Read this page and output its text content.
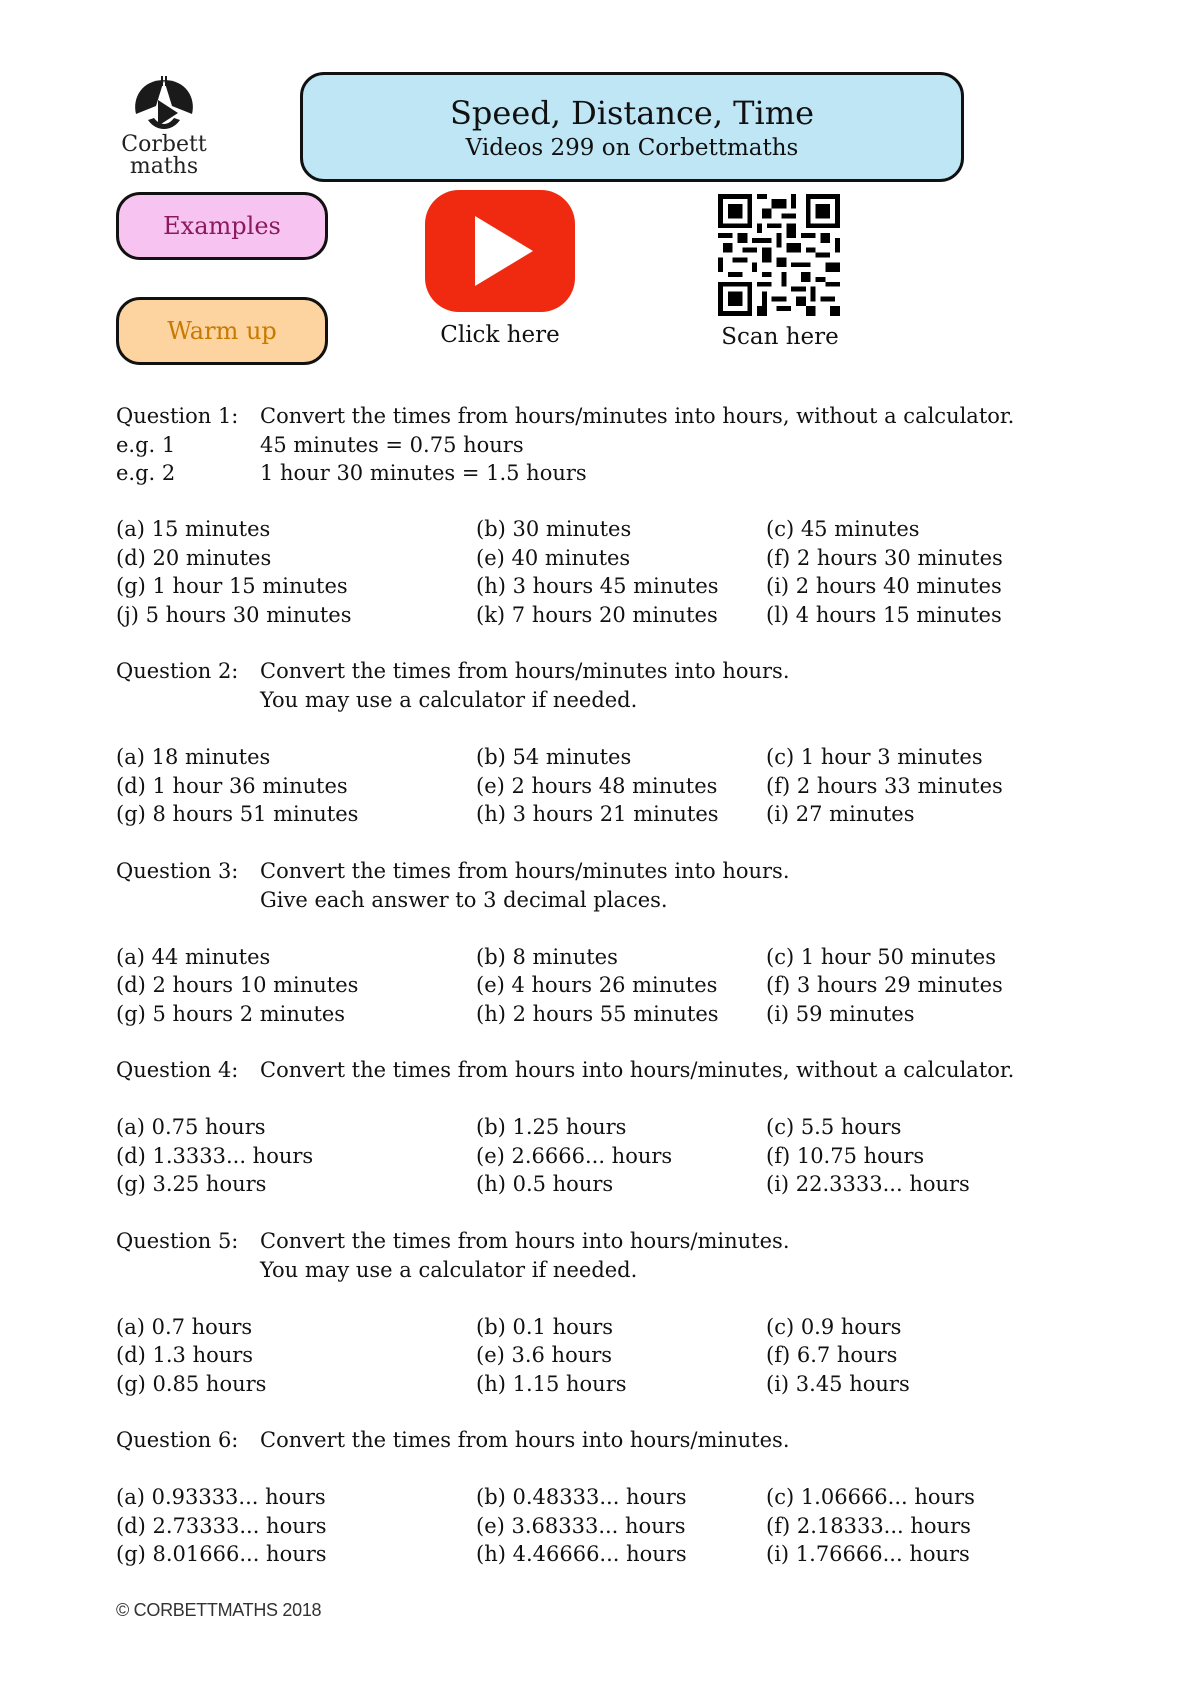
Corbett
maths
Speed, Distance, Time
Videos 299 on Corbettmaths
Examples
Warm up	Click here	Scan here
Question 1:	Convert the times from hours/minutes into hours, without a calculator.
e.g. 1	45 minutes = 0.75 hours
e.g. 2	1 hour 30 minutes = 1.5 hours
(a) 15 minutes	(b) 30 minutes	(c) 45 minutes
(d) 20 minutes	(e) 40 minutes	(f) 2 hours 30 minutes
(g) 1 hour 15 minutes	(h) 3 hours 45 minutes	(i) 2 hours 40 minutes
(j) 5 hours 30 minutes	(k) 7 hours 20 minutes	(l) 4 hours 15 minutes
Question 2:	Convert the times from hours/minutes into hours.
You may use a calculator if needed.
(a) 18 minutes	(b) 54 minutes	(c) 1 hour 3 minutes
(d) 1 hour 36 minutes	(e) 2 hours 48 minutes	(f) 2 hours 33 minutes
(g) 8 hours 51 minutes	(h) 3 hours 21 minutes	(i) 27 minutes
Question 3:	Convert the times from hours/minutes into hours.
Give each answer to 3 decimal places.
(a) 44 minutes	(b) 8 minutes	(c) 1 hour 50 minutes
(d) 2 hours 10 minutes	(e) 4 hours 26 minutes	(f) 3 hours 29 minutes
(g) 5 hours 2 minutes	(h) 2 hours 55 minutes	(i) 59 minutes
Question 4:	Convert the times from hours into hours/minutes, without a calculator.
(a) 0.75 hours	(b) 1.25 hours	(c) 5.5 hours
(d) 1.3333... hours	(e) 2.6666... hours	(f) 10.75 hours
(g) 3.25 hours	(h) 0.5 hours	(i) 22.3333... hours
Question 5:	Convert the times from hours into hours/minutes.
You may use a calculator if needed.
(a) 0.7 hours	(b) 0.1 hours	(c) 0.9 hours
(d) 1.3 hours	(e) 3.6 hours	(f) 6.7 hours
(g) 0.85 hours	(h) 1.15 hours	(i) 3.45 hours
Question 6:	Convert the times from hours into hours/minutes.
(a) 0.93333... hours	(b) 0.48333... hours	(c) 1.06666... hours
(d) 2.73333... hours	(e) 3.68333... hours	(f) 2.18333... hours
(g) 8.01666... hours	(h) 4.46666... hours	(i) 1.76666... hours
© CORBETTMATHS 2018
